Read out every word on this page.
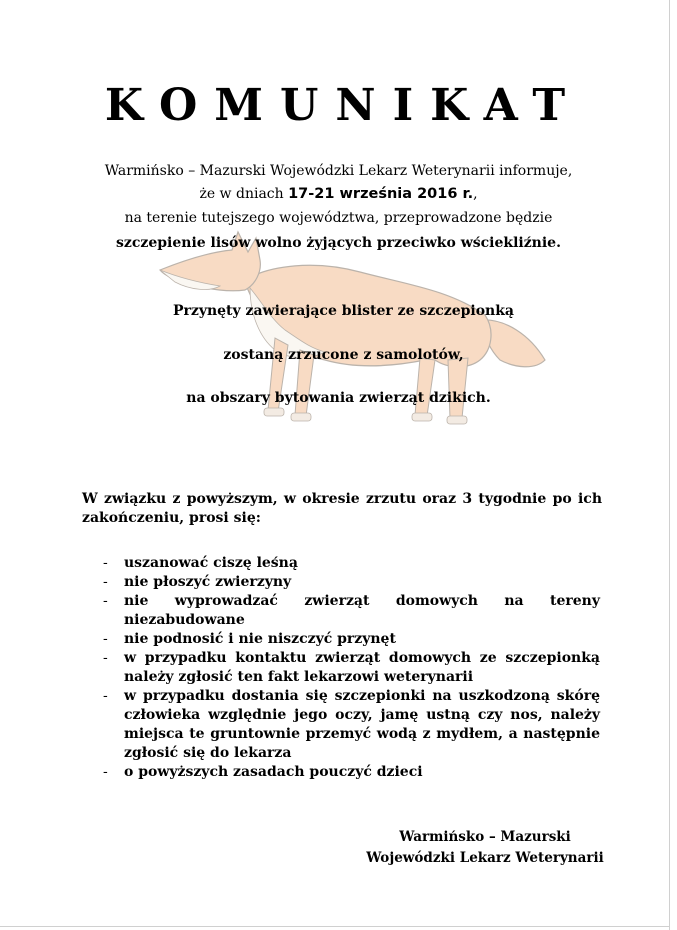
KOMUNIKAT
Warmińsko – Mazurski Wojewódzki Lekarz Weterynarii informuje,
że w dniach 17-21 września 2016 r.,
na terenie tutejszego województwa, przeprowadzone będzie
szczepienie lisów wolno żyjących przeciwko wściekliźnie.
Przynęty zawierające blister ze szczepionką
zostaną zrzucone z samolotów,
na obszary bytowania zwierząt dzikich.
W związku z powyższym, w okresie zrzutu oraz 3 tygodnie po ich zakończeniu, prosi się:
- uszanować ciszę leśną
- nie płoszyć zwierzyny
- nie wyprowadzać zwierząt domowych na tereny niezabudowane
- nie podnosić i nie niszczyć przynęt
- w przypadku kontaktu zwierząt domowych ze szczepionką należy zgłosić ten fakt lekarzowi weterynarii
- w przypadku dostania się szczepionki na uszkodzoną skórę człowieka względnie jego oczy, jamę ustną czy nos, należy miejsca te gruntownie przemyć wodą z mydłem, a następnie zgłosić się do lekarza
- o powyższych zasadach pouczyć dzieci
Warmińsko – Mazurski
Wojewódzki Lekarz Weterynarii
